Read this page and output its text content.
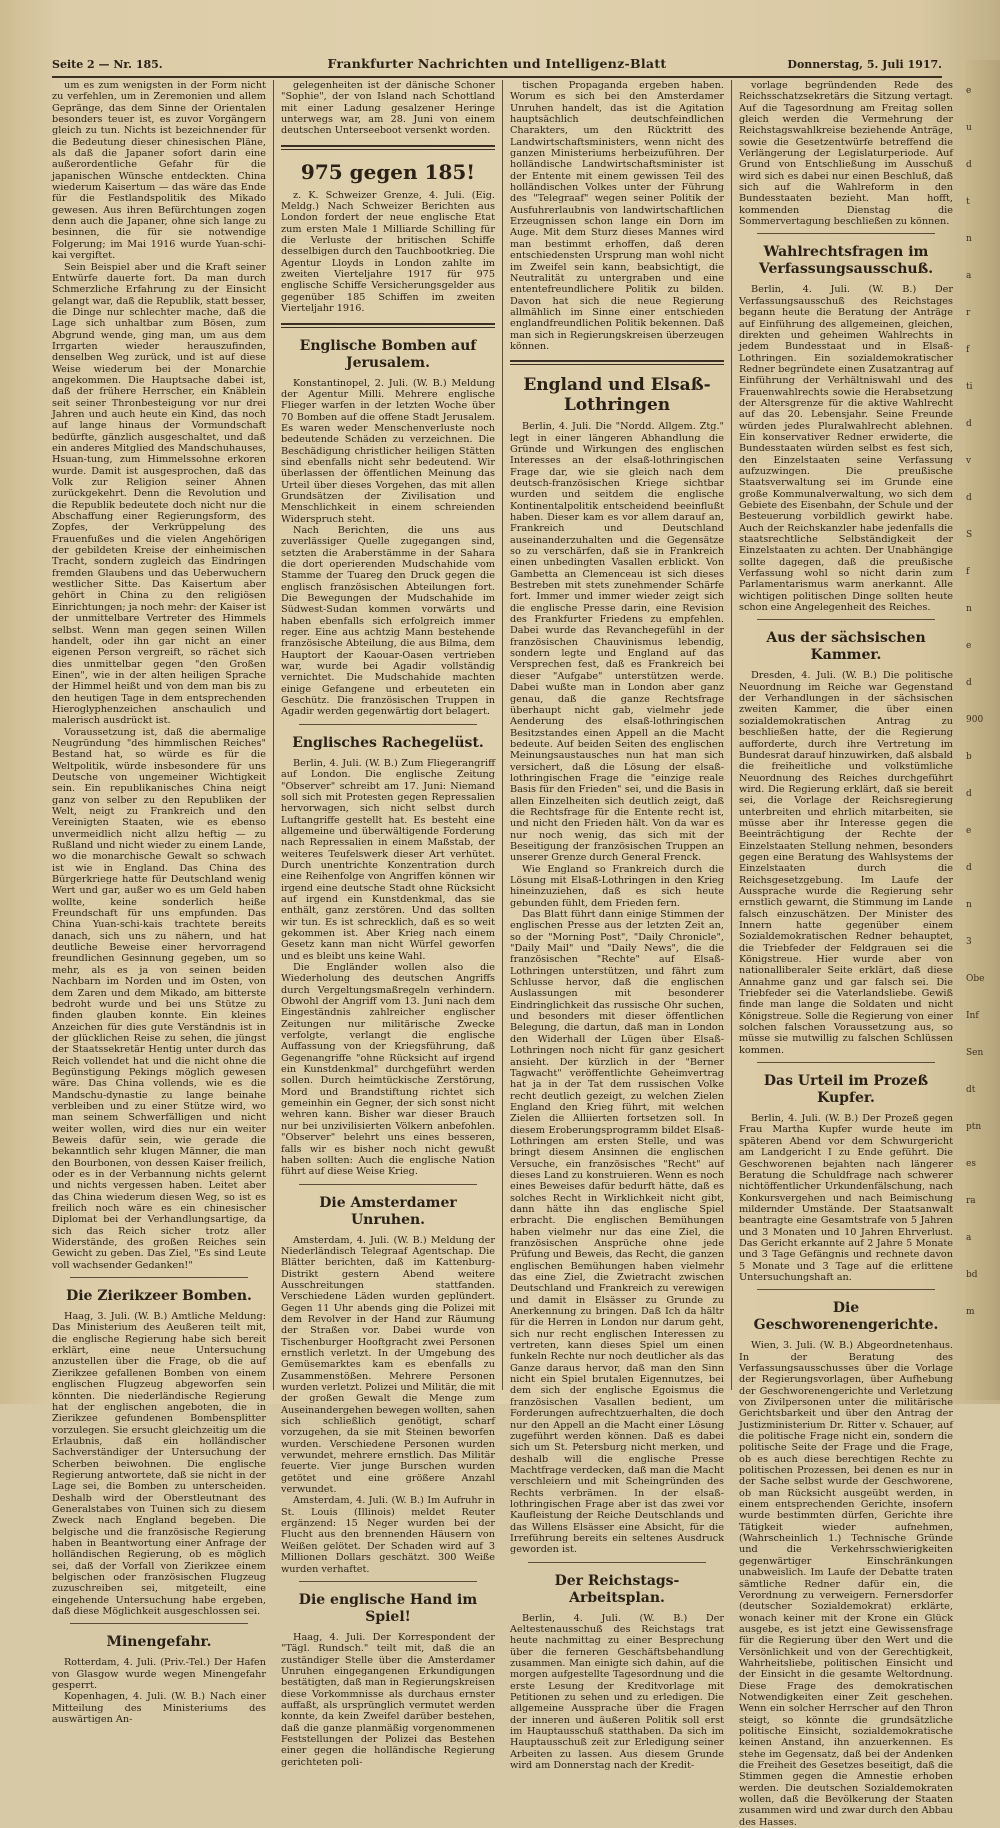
Seite 2 — Nr. 185.	Frankfurter Nachrichten und Intelligenz-Blatt	Donnerstag, 5. Juli 1917.

um es zum wenigsten in der Form nicht zu verfehlen, um in Zeremonien und allem Gepränge, das dem Sinne der Orientalen besonders teuer ist, es zuvor Vorgängern gleich zu tun. Nichts ist bezeichnender für die Bedeutung dieser chinesischen Pläne, als daß die Japaner sofort darin eine außerordentliche Gefahr für die japanischen Wünsche entdeckten. China wiederum Kaisertum — das wäre das Ende für die Festlandspolitik des Mikado gewesen. Aus ihren Befürchtungen zogen denn auch die Japaner, ohne sich lange zu besinnen, die für sie notwendige Folgerung; im Mai 1916 wurde Yuan-schi-kai vergiftet.

Sein Beispiel aber und die Kraft seiner Entwürfe dauerte fort. Da man durch Schmerzliche Erfahrung zu der Einsicht gelangt war, daß die Republik, statt besser, die Dinge nur schlechter mache, daß die Lage sich unhaltbar zum Bösen, zum Abgrund wende, ging man, um aus dem Irrgarten wieder herauszufinden, denselben Weg zurück, und ist auf diese Weise wiederum bei der Monarchie angekommen. Die Hauptsache dabei ist, daß der frühere Herrscher, ein Knäblein seit seiner Thronbesteigung vor nur drei Jahren und auch heute ein Kind, das noch auf lange hinaus der Vormundschaft bedürfte, gänzlich ausgeschaltet, und daß ein anderes Mitglied des Mandschuhauses, Hsuan-tung, zum Himmelssohne erkoren wurde. Damit ist ausgesprochen, daß das Volk zur Religion seiner Ahnen zurückgekehrt. Denn die Revolution und die Republik bedeutete doch nicht nur die Abschaffung einer Regierungsform, des Zopfes, der Verkrüppelung des Frauenfußes und die vielen Angehörigen der gebildeten Kreise der einheimischen Tracht, sondern zugleich das Eindringen fremden Glaubens und das Ueberwuchern westlicher Sitte. Das Kaisertum aber gehört in China zu den religiösen Einrichtungen; ja noch mehr: der Kaiser ist der unmittelbare Vertreter des Himmels selbst. Wenn man gegen seinen Willen handelt, oder ihn gar nicht an einer eigenen Person vergreift, so rächet sich dies unmittelbar gegen "den Großen Einen", wie in der alten heiligen Sprache der Himmel heißt und von dem man bis zu den heutigen Tage in dem entsprechenden Hieroglyphenzeichen anschaulich und malerisch ausdrückt ist.

Voraussetzung ist, daß die abermalige Neugründung "des himmlischen Reiches" Bestand hat, so würde es für die Weltpolitik, würde insbesondere für uns Deutsche von ungemeiner Wichtigkeit sein. Ein republikanisches China neigt ganz von selber zu den Republiken der Welt, neigt zu Frankreich und den Vereinigten Staaten, wie es ebenso unvermeidlich nicht allzu heftig — zu Rußland und nicht wieder zu einem Lande, wo die monarchische Gewalt so schwach ist wie in England. Das China des Bürgerkriege hatte für Deutschland wenig Wert und gar, außer wo es um Geld haben wollte, keine sonderlich heiße Freundschaft für uns empfunden. Das China Yuan-schi-kais trachtete bereits danach, sich uns zu nähern, und hat deutliche Beweise einer hervorragend freundlichen Gesinnung gegeben, um so mehr, als es ja von seinen beiden Nachbarn im Norden und im Osten, von dem Zaren und dem Mikado, am bitterste bedroht wurde und bei uns Stütze zu finden glauben konnte. Ein kleines Anzeichen für dies gute Verständnis ist in der glücklichen Reise zu sehen, die jüngst der Staatssekretär Hentig unter durch das Reich vollendet hat und die nicht ohne die Begünstigung Pekings möglich gewesen wäre. Das China vollends, wie es die Mandschu-dynastie zu lange beinahe verbleiben und zu einer Stütze wird, wo man seinem Schwerfälligen und nicht weiter wollen, wird dies nur ein weiter Beweis dafür sein, wie gerade die bekanntlich sehr klugen Männer, die man den Bourbonen, von dessen Kaiser freilich, oder es in der Verbannung nichts gelernt und nichts vergessen haben. Leitet aber das China wiederum diesen Weg, so ist es freilich noch wäre es ein chinesischer Diplomat bei der Verhandlungsartige, da sich das Reich sicher trotz aller Widerstände, des großen Reiches sein Gewicht zu geben. Das Ziel, "Es sind Leute voll wachsender Gedanken!"

Die Zierikzeer Bomben.

Haag, 3. Juli. (W. B.) Amtliche Meldung: Das Ministerium des Aeußeren teilt mit, die englische Regierung habe sich bereit erklärt, eine neue Untersuchung anzustellen über die Frage, ob die auf Zierikzee gefallenen Bomben von einem englischen Flugzeug abgeworfen sein könnten. Die niederländische Regierung hat der englischen angeboten, die in Zierikzee gefundenen Bombensplitter vorzulegen. Sie ersucht gleichzeitig um die Erlaubnis, daß ein holländischer Sachverständiger der Untersuchung der Scherben beiwohnen. Die englische Regierung antwortete, daß sie nicht in der Lage sei, die Bomben zu unterscheiden. Deshalb wird der Oberstleutnant des Generalstabes von Tuinen sich zu diesem Zweck nach England begeben. Die belgische und die französische Regierung haben in Beantwortung einer Anfrage der holländischen Regierung, ob es möglich sei, daß der Vorfall von Zierikzee einem belgischen oder französischen Flugzeug zuzuschreiben sei, mitgeteilt, eine eingehende Untersuchung habe ergeben, daß diese Möglichkeit ausgeschlossen sei.

Minengefahr.

Rotterdam, 4. Juli. (Priv.-Tel.) Der Hafen von Glasgow wurde wegen Minengefahr gesperrt.

Kopenhagen, 4. Juli. (W. B.) Nach einer Mitteilung des Ministeriums des auswärtigen An-

gelegenheiten ist der dänische Schoner "Sophie", der von Island nach Schottland mit einer Ladung gesalzener Heringe unterwegs war, am 28. Juni von einem deutschen Unterseeboot versenkt worden.

975 gegen 185!

z. K. Schweizer Grenze, 4. Juli. (Eig. Meldg.) Nach Schweizer Berichten aus London fordert der neue englische Etat zum ersten Male 1 Milliarde Schilling für die Verluste der britischen Schiffe desselbigen durch den Tauchbootkrieg. Die Agentur Lloyds in London zahlte im zweiten Vierteljahre 1917 für 975 englische Schiffe Versicherungsgelder aus gegenüber 185 Schiffen im zweiten Vierteljahr 1916.

Englische Bomben auf Jerusalem.

Konstantinopel, 2. Juli. (W. B.) Meldung der Agentur Milli. Mehrere englische Flieger warfen in der letzten Woche über 70 Bomben auf die offene Stadt Jerusalem. Es waren weder Menschenverluste noch bedeutende Schäden zu verzeichnen. Die Beschädigung christlicher heiligen Stätten sind ebenfalls nicht sehr bedeutend. Wir überlassen der öffentlichen Meinung das Urteil über dieses Vorgehen, das mit allen Grundsätzen der Zivilisation und Menschlichkeit in einem schreienden Widerspruch steht.

Nach Berichten, die uns aus zuverlässiger Quelle zugegangen sind, setzten die Araberstämme in der Sahara die dort operierenden Mudschahide vom Stamme der Tuareg den Druck gegen die englisch französischen Abteilungen fort. Die Bewegungen der Mudschahide im Südwest-Sudan kommen vorwärts und haben ebenfalls sich erfolgreich immer reger. Eine aus achtzig Mann bestehende französische Abteilung, die aus Bilma, dem Hauptort der Kaouar-Oasen vertrieben war, wurde bei Agadir vollständig vernichtet. Die Mudschahide machten einige Gefangene und erbeuteten ein Geschütz. Die französischen Truppen in Agadir werden gegenwärtig dort belagert.

Englisches Rachegelüst.

Berlin, 4. Juli. (W. B.) Zum Fliegerangriff auf London. Die englische Zeitung "Observer" schreibt am 17. Juni: Niemand soll sich mit Protesten gegen Repressalien hervorwagen, sich nicht selbst durch Luftangriffe gestellt hat. Es besteht eine allgemeine und überwältigende Forderung nach Repressalien in einem Maßstab, der weiteres Teufelswerk dieser Art verhütet. Durch unentrichte Konzentration durch eine Reihenfolge von Angriffen können wir irgend eine deutsche Stadt ohne Rücksicht auf irgend ein Kunstdenkmal, das sie enthält, ganz zerstören. Und das sollten wir tun. Es ist schrecklich, daß es so weit gekommen ist. Aber Krieg nach einem Gesetz kann man nicht Würfel geworfen und es bleibt uns keine Wahl.

Die Engländer wollen also die Wiederholung des deutschen Angriffs durch Vergeltungsmaßregeln verhindern. Obwohl der Angriff vom 13. Juni nach dem Eingeständnis zahlreicher englischer Zeitungen nur militärische Zwecke verfolgte, verlangt die englische Auffassung von der Kriegsführung, daß Gegenangriffe "ohne Rücksicht auf irgend ein Kunstdenkmal" durchgeführt werden sollen. Durch heimtückische Zerstörung, Mord und Brandstiftung richtet sich gemeinhin ein Gegner, der sich sonst nicht wehren kann. Bisher war dieser Brauch nur bei unzivilisierten Völkern anbefohlen. "Observer" belehrt uns eines besseren, falls wir es bisher noch nicht gewußt haben sollten: Auch die englische Nation führt auf diese Weise Krieg.

Die Amsterdamer Unruhen.

Amsterdam, 4. Juli. (W. B.) Meldung der Niederländisch Telegraaf Agentschap. Die Blätter berichten, daß im Kattenburg-Distrikt gestern Abend weitere Ausschreitungen stattfanden. Verschiedene Läden wurden geplündert. Gegen 11 Uhr abends ging die Polizei mit dem Revolver in der Hand zur Räumung der Straßen vor. Dabei wurde von Tischenburger Hooftgracht zwei Personen ernstlich verletzt. In der Umgebung des Gemüsemarktes kam es ebenfalls zu Zusammenstößen. Mehrere Personen wurden verletzt. Polizei und Militär, die mit der großen Gewalt die Menge zum Auseinandergehen bewegen wollten, sahen sich schließlich genötigt, scharf vorzugehen, da sie mit Steinen beworfen wurden. Verschiedene Personen wurden verwundet, mehrere ernstlich. Das Militär feuerte. Vier junge Burschen wurden getötet und eine größere Anzahl verwundet.

Amsterdam, 4. Juli. (W. B.) Im Aufruhr in St. Louis (Illinois) meldet Reuter ergänzend: 15 Neger wurden bei der Flucht aus den brennenden Häusern von Weißen gelötet. Der Schaden wird auf 3 Millionen Dollars geschätzt. 300 Weiße wurden verhaftet.

Die englische Hand im Spiel!

Haag, 4. Juli. Der Korrespondent der "Tägl. Rundsch." teilt mit, daß die an zuständiger Stelle über die Amsterdamer Unruhen eingegangenen Erkundigungen bestätigten, daß man in Regierungskreisen diese Vorkommnisse als durchaus ernster auffaßt, als ursprünglich vermutet werden konnte, da kein Zweifel darüber bestehen, daß die ganze planmäßig vorgenommenen Feststellungen der Polizei das Bestehen einer gegen die holländische Regierung gerichteten poli-

tischen Propaganda ergeben haben. Worum es sich bei den Amsterdamer Unruhen handelt, das ist die Agitation hauptsächlich deutschfeindlichen Charakters, um den Rücktritt des Landwirtschaftsministers, wenn nicht des ganzen Ministeriums herbeizuführen. Der holländische Landwirtschaftsminister ist der Entente mit einem gewissen Teil des holländischen Volkes unter der Führung des "Telegraaf" wegen seiner Politik der Ausfuhrerlaubnis von landwirtschaftlichen Erzeugnissen schon lange ein Dorn im Auge. Mit dem Sturz dieses Mannes wird man bestimmt erhoffen, daß deren entschiedensten Ursprung man wohl nicht im Zweifel sein kann, beabsichtigt, die Neutralität zu untergraben und eine ententefreundlichere Politik zu bilden. Davon hat sich die neue Regierung allmählich im Sinne einer entschieden englandfreundlichen Politik bekennen. Daß man sich in Regierungskreisen überzeugen können.

England und Elsaß-Lothringen

Berlin, 4. Juli. Die "Nordd. Allgem. Ztg." legt in einer längeren Abhandlung die Gründe und Wirkungen des englischen Interesses an der elsaß-lothringischen Frage dar, wie sie gleich nach dem deutsch-französischen Kriege sichtbar wurden und seitdem die englische Kontinentalpolitik entscheidend beeinflußt haben. Dieser kam es vor allem darauf an, Frankreich und Deutschland auseinanderzuhalten und die Gegensätze so zu verschärfen, daß sie in Frankreich einen unbedingten Vasallen erblickt. Von Gambetta an Clemenceau ist sich dieses Bestreben mit stets zunehmender Schärfe fort. Immer und immer wieder zeigt sich die englische Presse darin, eine Revision des Frankfurter Friedens zu empfehlen. Dabei wurde das Revanchegefühl in der französischen Chauvinismus lebendig, sondern legte und England auf das Versprechen fest, daß es Frankreich bei dieser "Aufgabe" unterstützen werde. Dabei wußte man in London aber ganz genau, daß die ganze Rechtsfrage überhaupt nicht gab, vielmehr jede Aenderung des elsaß-lothringischen Besitzstandes einen Appell an die Macht bedeute. Auf beiden Seiten des englischen Meinungsaustausches nun hat man sich versichert, daß die Lösung der elsaß-lothringischen Frage die "einzige reale Basis für den Frieden" sei, und die Basis in allen Einzelheiten sich deutlich zeigt, daß die Rechtsfrage für die Entente recht ist, und nicht den Frieden hält. Von da war es nur noch wenig, das sich mit der Beseitigung der französischen Truppen an unserer Grenze durch General Frenck.

Wie England so Frankreich durch die Lösung mit Elsaß-Lothringen in den Krieg hineinzuziehen, daß es sich heute gebunden fühlt, dem Frieden fern.

Das Blatt führt dann einige Stimmen der englischen Presse aus der letzten Zeit an, so der "Morning Post", "Daily Chronicle", "Daily Mail" und "Daily News", die die französischen "Rechte" auf Elsaß-Lothringen unterstützen, und fährt zum Schlusse hervor, daß die englischen Auslassungen mit besonderer Eindringlichkeit das russische Ohr suchen, und besonders mit dieser öffentlichen Belegung, die dartun, daß man in London den Widerhall der Lügen über Elsaß-Lothringen noch nicht für ganz gesichert ansieht. Der kürzlich in der "Berner Tagwacht" veröffentlichte Geheimvertrag hat ja in der Tat dem russischen Volke recht deutlich gezeigt, zu welchen Zielen England den Krieg führt, mit welchen Zielen die Alliierten fortsetzen soll. In diesem Eroberungsprogramm bildet Elsaß-Lothringen am ersten Stelle, und was bringt diesem Ansinnen die englischen Versuche, ein französisches "Recht" auf dieses Land zu konstruieren. Wenn es noch eines Beweises dafür bedurft hätte, daß es solches Recht in Wirklichkeit nicht gibt, dann hätte ihn das englische Spiel erbracht. Die englischen Bemühungen haben vielmehr nur das eine Ziel, die französischen Ansprüche ohne jede Prüfung und Beweis, das Recht, die ganzen englischen Bemühungen haben vielmehr das eine Ziel, die Zwietracht zwischen Deutschland und Frankreich zu verewigen und damit in Elsässer zu Grunde zu Anerkennung zu bringen. Daß Ich da hältr für die Herren in London nur darum geht, sich nur recht englischen Interessen zu vertreten, kann dieses Spiel um einen funkeln Rechte nur noch deutlicher als das Ganze daraus hervor, daß man den Sinn nicht ein Spiel brutalen Eigennutzes, bei dem sich der englische Egoismus die französischen Vasallen bedient, um Forderungen aufrechtzuerhalten, die doch nur den Appell an die Macht einer Lösung zugeführt werden können. Daß es dabei sich um St. Petersburg nicht merken, und deshalb will die englische Presse Machtfrage verdecken, daß man die Macht verschleiern und mit Scheingründen des Rechts verbrämen. In der elsaß-lothringischen Frage aber ist das zwei vor Kaufleistung der Reiche Deutschlands und das Willens Elsässer eine Absicht, für die Irreführung bereits ein seltenes Ausdruck geworden ist.

Der Reichstags-Arbeitsplan.

Berlin, 4. Juli. (W. B.) Der Aeltestenausschuß des Reichstags trat heute nachmittag zu einer Besprechung über die ferneren Geschäftsbehandlung zusammen. Man einigte sich dahin, auf die morgen aufgestellte Tagesordnung und die erste Lesung der Kreditvorlage mit Petitionen zu sehen und zu erledigen. Die allgemeine Aussprache über die Fragen der inneren und äußeren Politik soll erst im Hauptausschuß statthaben. Da sich im Hauptausschuß zeit zur Erledigung seiner Arbeiten zu lassen. Aus diesem Grunde wird am Donnerstag nach der Kredit-

vorlage begründenden Rede des Reichsschatzsekretärs die Sitzung vertagt. Auf die Tagesordnung am Freitag sollen gleich werden die Vermehrung der Reichstagswahlkreise beziehende Anträge, sowie die Gesetzentwürfe betreffend die Verlängerung der Legislaturperiode. Auf Grund von Entschließung im Ausschuß wird sich es dabei nur einen Beschluß, daß sich auf die Wahlreform in den Bundesstaaten bezieht. Man hofft, kommenden Dienstag die Sommervertagung beschließen zu können.

Wahlrechtsfragen im Verfassungsausschuß.

Berlin, 4. Juli. (W. B.) Der Verfassungsausschuß des Reichstages begann heute die Beratung der Anträge auf Einführung des allgemeinen, gleichen, direkten und geheimen Wahlrechts in jedem Bundesstaat und in Elsaß-Lothringen. Ein sozialdemokratischer Redner begründete einen Zusatzantrag auf Einführung der Verhältniswahl und des Frauenwahlrechts sowie die Herabsetzung der Altersgrenze für die aktive Wahlrecht auf das 20. Lebensjahr. Seine Freunde würden jedes Pluralwahlrecht ablehnen. Ein konservativer Redner erwiderte, die Bundesstaaten würden selbst es fest sich, den Einzelstaaten seine Verfassung aufzuzwingen. Die preußische Staatsverwaltung sei im Grunde eine große Kommunalverwaltung, wo sich dem Gebiete des Eisenbahn, der Schule und der Besteuerung vorbildlich gewirkt habe. Auch der Reichskanzler habe jedenfalls die staatsrechtliche Selbständigkeit der Einzelstaaten zu achten. Der Unabhängige sollte dagegen, daß die preußische Verfassung wohl so nicht darin zum Parlamentarismus warm anerkannt. Alle wichtigen politischen Dinge sollten heute schon eine Angelegenheit des Reiches.

Aus der sächsischen Kammer.

Dresden, 4. Juli. (W. B.) Die politische Neuordnung im Reiche war Gegenstand der Verhandlungen in der sächsischen zweiten Kammer, die über einen sozialdemokratischen Antrag zu beschließen hatte, der die Regierung aufforderte, durch ihre Vertretung im Bundesrat darauf hinzuwirken, daß alsbald die freiheitliche und volkstümliche Neuordnung des Reiches durchgeführt wird. Die Regierung erklärt, daß sie bereit sei, die Vorlage der Reichsregierung unterbreiten und ehrlich mitarbeiten, sie müsse aber ihr Interesse gegen die Beeinträchtigung der Rechte der Einzelstaaten Stellung nehmen, besonders gegen eine Beratung des Wahlsystems der Einzelstaaten durch die Reichsgesetzgebung. Im Laufe der Aussprache wurde die Regierung sehr ernstlich gewarnt, die Stimmung im Lande falsch einzuschätzen. Der Minister des Innern hatte gegenüber einem Sozialdemokratischen Redner behauptet, die Triebfeder der Feldgrauen sei die Königstreue. Hier wurde aber von nationalliberaler Seite erklärt, daß diese Annahme ganz und gar falsch sei. Die Triebfeder sei die Vaterlandsliebe. Gewiß finde man lange die Soldaten und nicht Königstreue. Solle die Regierung von einer solchen falschen Voraussetzung aus, so müsse sie mutwillig zu falschen Schlüssen kommen.

Das Urteil im Prozeß Kupfer.

Berlin, 4. Juli. (W. B.) Der Prozeß gegen Frau Martha Kupfer wurde heute im späteren Abend vor dem Schwurgericht am Landgericht I zu Ende geführt. Die Geschworenen bejahten nach längerer Beratung die Schuldfrage nach schwerer nichtöffentlicher Urkundenfälschung, nach Konkursvergehen und nach Beimischung mildernder Umstände. Der Staatsanwalt beantragte eine Gesamtstrafe von 5 Jahren und 3 Monaten und 10 Jahren Ehrverlust. Das Gericht erkannte auf 2 Jahre 5 Monate und 3 Tage Gefängnis und rechnete davon 5 Monate und 3 Tage auf die erlittene Untersuchungshaft an.

Die Geschworenengerichte.

Wien, 3. Juli. (W. B.) Abgeordnetenhaus. In der Beratung des Verfassungsausschusses über die Vorlage der Regierungsvorlagen, über Aufhebung der Geschworenengerichte und Verletzung von Zivilpersonen unter die militärische Gerichtsbarkeit und über den Antrag der Justizministerium Dr. Ritter v. Schauer, auf die politische Frage nicht ein, sondern die politische Seite der Frage und die Frage, ob es auch diese berechtigen Rechte zu politischen Prozessen, bei denen es nur in der Sache selbst wurde der Geschworene, ob man Rücksicht ausgeübt werden, in einem entsprechenden Gerichte, insofern wurde bestimmten dürfen, Gerichte ihre Tätigkeit wieder aufnehmen, (Wahrscheinlich 1.) Technische Gründe und die Verkehrsschwierigkeiten gegenwärtiger Einschränkungen unabweislich. Im Laufe der Debatte traten sämtliche Redner dafür ein, die Verordnung zu verweigern. Fernersdorfer (deutscher Sozialdemokrat) erklärte, wonach keiner mit der Krone ein Glück ausgebe, es ist jetzt eine Gewissensfrage für die Regierung über den Wert und die Versönlichkeit und von der Gerechtigkeit, Wahrheitsliebe, politischen Einsicht und der Einsicht in die gesamte Weltordnung. Diese Frage des demokratischen Notwendigkeiten einer Zeit geschehen. Wenn ein solcher Herrscher auf den Thron steigt, so könnte die grundsätzliche politische Einsicht, sozialdemokratische keinen Anstand, ihn anzuerkennen. Es stehe im Gegensatz, daß bei der Andenken die Freiheit des Gesetzes beseitigt, daß die Stimmen gegen die Amnestie erhoben werden. Die deutschen Sozialdemokraten wollen, daß die Bevölkerung der Staaten zusammen wird und zwar durch den Abbau des Hasses.

e
u
d
t
n
a
r
f
ti
d
v
d
S
f
n
e
d
900
b
d
e
d
n
3
Obe
Inf
Sen
dt
ptn
es
ra
a
bd
m
